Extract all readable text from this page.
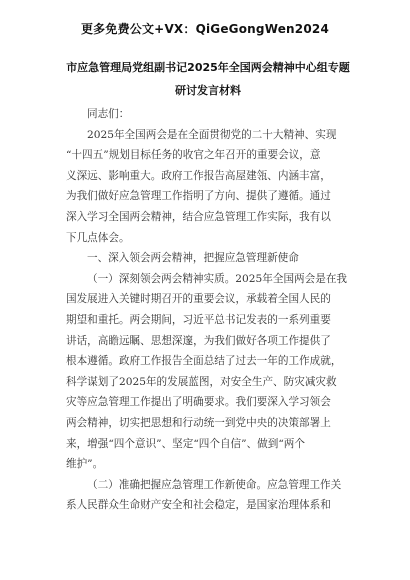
更多免费公文+VX：QiGeGongWen2024
市应急管理局党组副书记2025年全国两会精神中心组专题
研讨发言材料
同志们：
2025年全国两会是在全面贯彻党的二十大精神、实现
“十四五”规划目标任务的收官之年召开的重要会议，意
义深远、影响重大。政府工作报告高屋建瓴、内涵丰富，
为我们做好应急管理工作指明了方向、提供了遵循。通过
深入学习全国两会精神，结合应急管理工作实际，我有以
下几点体会。
一、深入领会两会精神，把握应急管理新使命
（一）深刻领会两会精神实质。2025年全国两会是在我
国发展进入关键时期召开的重要会议，承载着全国人民的
期望和重托。两会期间，习近平总书记发表的一系列重要
讲话，高瞻远瞩、思想深邃，为我们做好各项工作提供了
根本遵循。政府工作报告全面总结了过去一年的工作成就，
科学谋划了2025年的发展蓝图，对安全生产、防灾减灾救
灾等应急管理工作提出了明确要求。我们要深入学习领会
两会精神，切实把思想和行动统一到党中央的决策部署上
来，增强“四个意识”、坚定“四个自信”、做到“两个
维护”。
（二）准确把握应急管理工作新使命。应急管理工作关
系人民群众生命财产安全和社会稳定，是国家治理体系和
